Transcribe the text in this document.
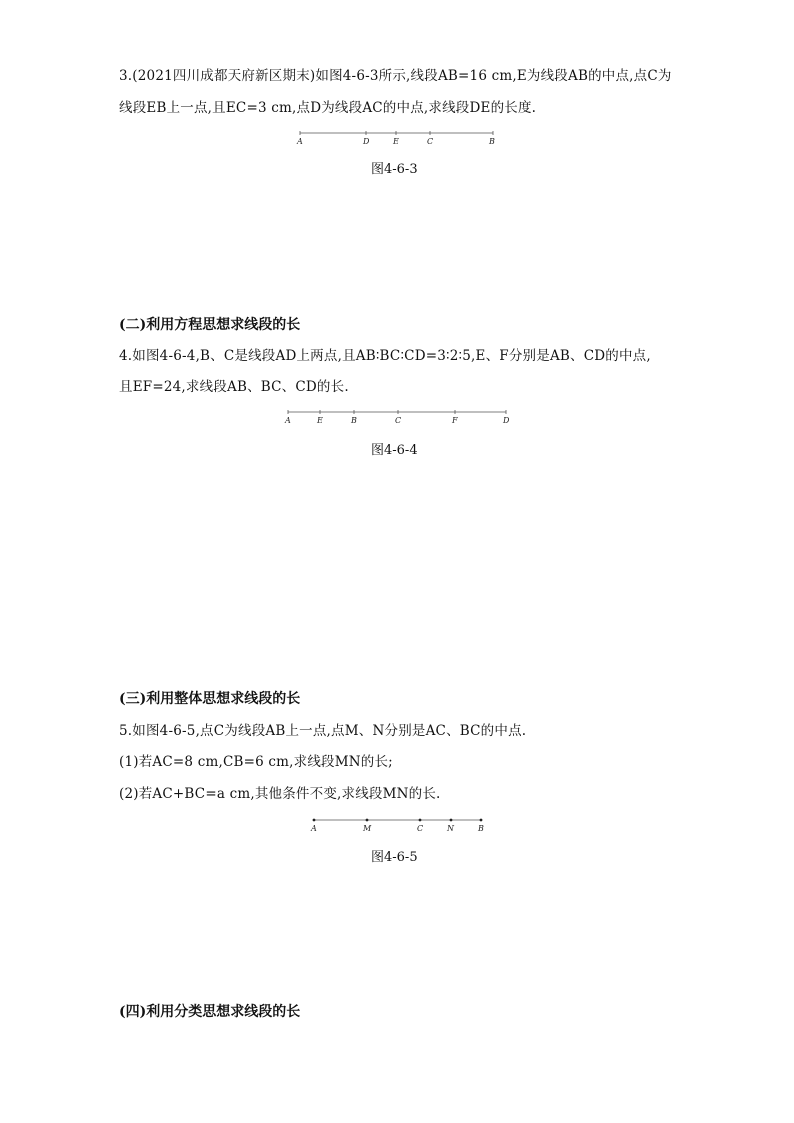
3.(2021四川成都天府新区期末)如图4-6-3所示,线段AB=16 cm,E为线段AB的中点,点C为
线段EB上一点,且EC=3 cm,点D为线段AC的中点,求线段DE的长度.
A	D	E	C	B
图4-6-3
(二)利用方程思想求线段的长
4.如图4-6-4,B、C是线段AD上两点,且AB∶BC∶CD=3∶2∶5,E、F分别是AB、CD的中点,
且EF=24,求线段AB、BC、CD的长.
A	E	B	C	F	D
图4-6-4
(三)利用整体思想求线段的长
5.如图4-6-5,点C为线段AB上一点,点M、N分别是AC、BC的中点.
(1)若AC=8 cm,CB=6 cm,求线段MN的长;
(2)若AC+BC=a cm,其他条件不变,求线段MN的长.
A	M	C	N	B
图4-6-5
(四)利用分类思想求线段的长
